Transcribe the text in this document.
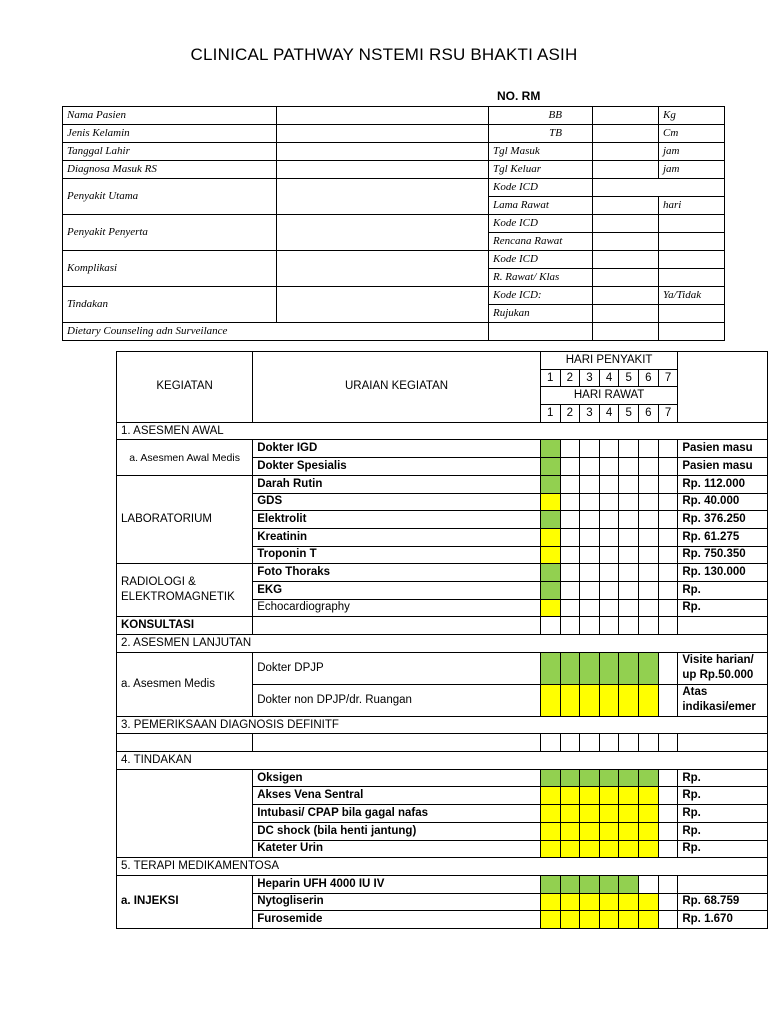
CLINICAL PATHWAY NSTEMI RSU BHAKTI ASIH
NO. RM
Nama Pasien		BB		Kg
Jenis Kelamin		TB		Cm
Tanggal Lahir		Tgl Masuk		jam
Diagnosa Masuk RS		Tgl Keluar		jam
Penyakit Utama		Kode ICD		
		Lama Rawat		hari
Penyakit Penyerta		Kode ICD		
		Rencana Rawat		
Komplikasi		Kode ICD		
		R. Rawat/ Klas		
Tindakan		Kode ICD:		Ya/Tidak
		Rujukan		
Dietary Counseling adn Surveilance				
KEGIATAN	URAIAN KEGIATAN	HARI PENYAKIT							
		1	2	3	4	5	6	7	
		HARI RAWAT							
		1	2	3	4	5	6	7	
1. ASESMEN AWAL									
a. Asesmen Awal Medis	Dokter IGD								Pasien masu
	Dokter Spesialis								Pasien masu
LABORATORIUM	Darah Rutin								Rp. 112.000
	GDS								Rp. 40.000
	Elektrolit								Rp. 376.250
	Kreatinin								Rp. 61.275
	Troponin T								Rp. 750.350
RADIOLOGI & ELEKTROMAGNETIK	Foto Thoraks								Rp. 130.000
	EKG								Rp.
	Echocardiography								Rp.
KONSULTASI									
2. ASESMEN LANJUTAN									
a. Asesmen Medis	Dokter DPJP								Visite harian/ up Rp.50.000
	Dokter non DPJP/dr. Ruangan								Atas indikasi/emer
3. PEMERIKSAAN DIAGNOSIS DEFINITF									

4. TINDAKAN									
	Oksigen								Rp.
	Akses Vena Sentral								Rp.
	Intubasi/ CPAP bila gagal nafas								Rp.
	DC shock (bila henti jantung)								Rp.
	Kateter Urin								Rp.
5. TERAPI MEDIKAMENTOSA									
a. INJEKSI	Heparin UFH 4000 IU IV								
	Nytogliserin								Rp. 68.759
	Furosemide								Rp. 1.670
